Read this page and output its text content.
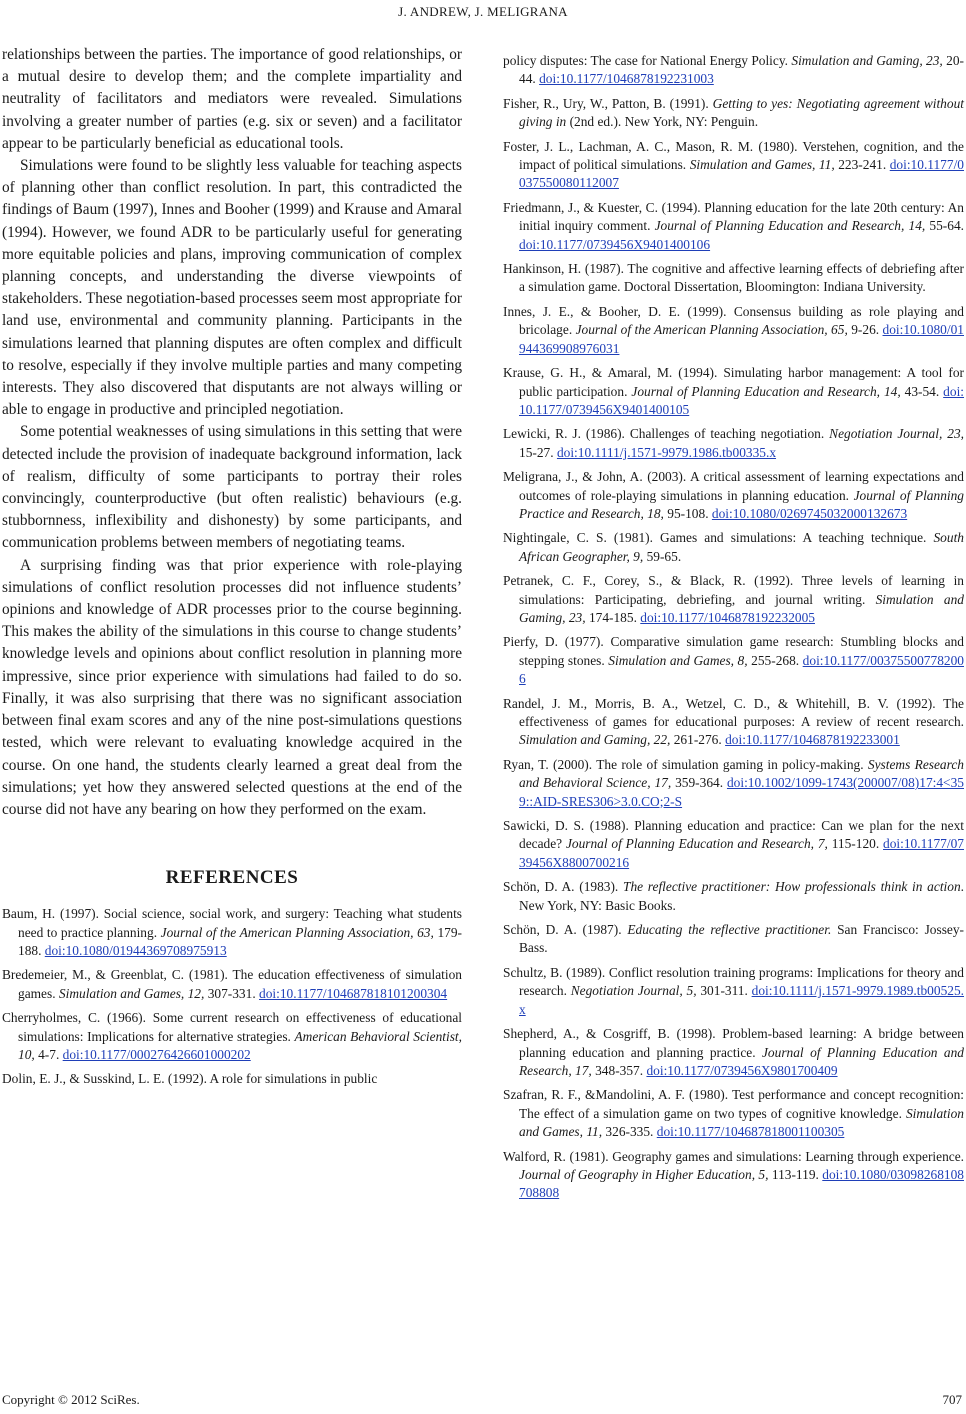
J. ANDREW, J. MELIGRANA

relationships between the parties. The importance of good relationships, or a mutual desire to develop them; and the complete impartiality and neutrality of facilitators and mediators were revealed. Simulations involving a greater number of parties (e.g. six or seven) and a facilitator appear to be particularly beneficial as educational tools.

Simulations were found to be slightly less valuable for teaching aspects of planning other than conflict resolution. In part, this contradicted the findings of Baum (1997), Innes and Booher (1999) and Krause and Amaral (1994). However, we found ADR to be particularly useful for generating more equitable policies and plans, improving communication of complex planning concepts, and understanding the diverse viewpoints of stakeholders. These negotiation-based processes seem most appropriate for land use, environmental and community planning. Participants in the simulations learned that planning disputes are often complex and difficult to resolve, especially if they involve multiple parties and many competing interests. They also discovered that disputants are not always willing or able to engage in productive and principled negotiation.

Some potential weaknesses of using simulations in this setting that were detected include the provision of inadequate background information, lack of realism, difficulty of some participants to portray their roles convincingly, counterproductive (but often realistic) behaviours (e.g. stubbornness, inflexibility and dishonesty) by some participants, and communication problems between members of negotiating teams.

A surprising finding was that prior experience with role-playing simulations of conflict resolution processes did not influence students’ opinions and knowledge of ADR processes prior to the course beginning. This makes the ability of the simulations in this course to change students’ knowledge levels and opinions about conflict resolution in planning more impressive, since prior experience with simulations had failed to do so. Finally, it was also surprising that there was no significant association between final exam scores and any of the nine post-simulations questions tested, which were relevant to evaluating knowledge acquired in the course. On one hand, the students clearly learned a great deal from the simulations; yet how they answered selected questions at the end of the course did not have any bearing on how they performed on the exam.

REFERENCES
Baum, H. (1997). Social science, social work, and surgery: Teaching what students need to practice planning. Journal of the American Planning Association, 63, 179-188. doi:10.1080/01944369708975913
Bredemeier, M., & Greenblat, C. (1981). The education effectiveness of simulation games. Simulation and Games, 12, 307-331. doi:10.1177/104687818101200304
Cherryholmes, C. (1966). Some current research on effectiveness of educational simulations: Implications for alternative strategies. American Behavioral Scientist, 10, 4-7. doi:10.1177/000276426601000202
Dolin, E. J., & Susskind, L. E. (1992). A role for simulations in public
policy disputes: The case for National Energy Policy. Simulation and Gaming, 23, 20-44. doi:10.1177/1046878192231003
Fisher, R., Ury, W., Patton, B. (1991). Getting to yes: Negotiating agreement without giving in (2nd ed.). New York, NY: Penguin.
Foster, J. L., Lachman, A. C., Mason, R. M. (1980). Verstehen, cognition, and the impact of political simulations. Simulation and Games, 11, 223-241. doi:10.1177/0037550080112007
Friedmann, J., & Kuester, C. (1994). Planning education for the late 20th century: An initial inquiry comment. Journal of Planning Education and Research, 14, 55-64. doi:10.1177/0739456X9401400106
Hankinson, H. (1987). The cognitive and affective learning effects of debriefing after a simulation game. Doctoral Dissertation, Bloomington: Indiana University.
Innes, J. E., & Booher, D. E. (1999). Consensus building as role playing and bricolage. Journal of the American Planning Association, 65, 9-26. doi:10.1080/01944369908976031
Krause, G. H., & Amaral, M. (1994). Simulating harbor management: A tool for public participation. Journal of Planning Education and Research, 14, 43-54. doi:10.1177/0739456X9401400105
Lewicki, R. J. (1986). Challenges of teaching negotiation. Negotiation Journal, 23, 15-27. doi:10.1111/j.1571-9979.1986.tb00335.x
Meligrana, J., & John, A. (2003). A critical assessment of learning expectations and outcomes of role-playing simulations in planning education. Journal of Planning Practice and Research, 18, 95-108. doi:10.1080/0269745032000132673
Nightingale, C. S. (1981). Games and simulations: A teaching technique. South African Geographer, 9, 59-65.
Petranek, C. F., Corey, S., & Black, R. (1992). Three levels of learning in simulations: Participating, debriefing, and journal writing. Simulation and Gaming, 23, 174-185. doi:10.1177/1046878192232005
Pierfy, D. (1977). Comparative simulation game research: Stumbling blocks and stepping stones. Simulation and Games, 8, 255-268. doi:10.1177/003755007782006
Randel, J. M., Morris, B. A., Wetzel, C. D., & Whitehill, B. V. (1992). The effectiveness of games for educational purposes: A review of recent research. Simulation and Gaming, 22, 261-276. doi:10.1177/1046878192233001
Ryan, T. (2000). The role of simulation gaming in policy-making. Systems Research and Behavioral Science, 17, 359-364. doi:10.1002/1099-1743(200007/08)17:4<359::AID-SRES306>3.0.CO;2-S
Sawicki, D. S. (1988). Planning education and practice: Can we plan for the next decade? Journal of Planning Education and Research, 7, 115-120. doi:10.1177/0739456X8800700216
Schön, D. A. (1983). The reflective practitioner: How professionals think in action. New York, NY: Basic Books.
Schön, D. A. (1987). Educating the reflective practitioner. San Francisco: Jossey-Bass.
Schultz, B. (1989). Conflict resolution training programs: Implications for theory and research. Negotiation Journal, 5, 301-311. doi:10.1111/j.1571-9979.1989.tb00525.x
Shepherd, A., & Cosgriff, B. (1998). Problem-based learning: A bridge between planning education and planning practice. Journal of Planning Education and Research, 17, 348-357. doi:10.1177/0739456X9801700409
Szafran, R. F., &Mandolini, A. F. (1980). Test performance and concept recognition: The effect of a simulation game on two types of cognitive knowledge. Simulation and Games, 11, 326-335. doi:10.1177/104687818001100305
Walford, R. (1981). Geography games and simulations: Learning through experience. Journal of Geography in Higher Education, 5, 113-119. doi:10.1080/03098268108708808
Copyright © 2012 SciRes.	707
